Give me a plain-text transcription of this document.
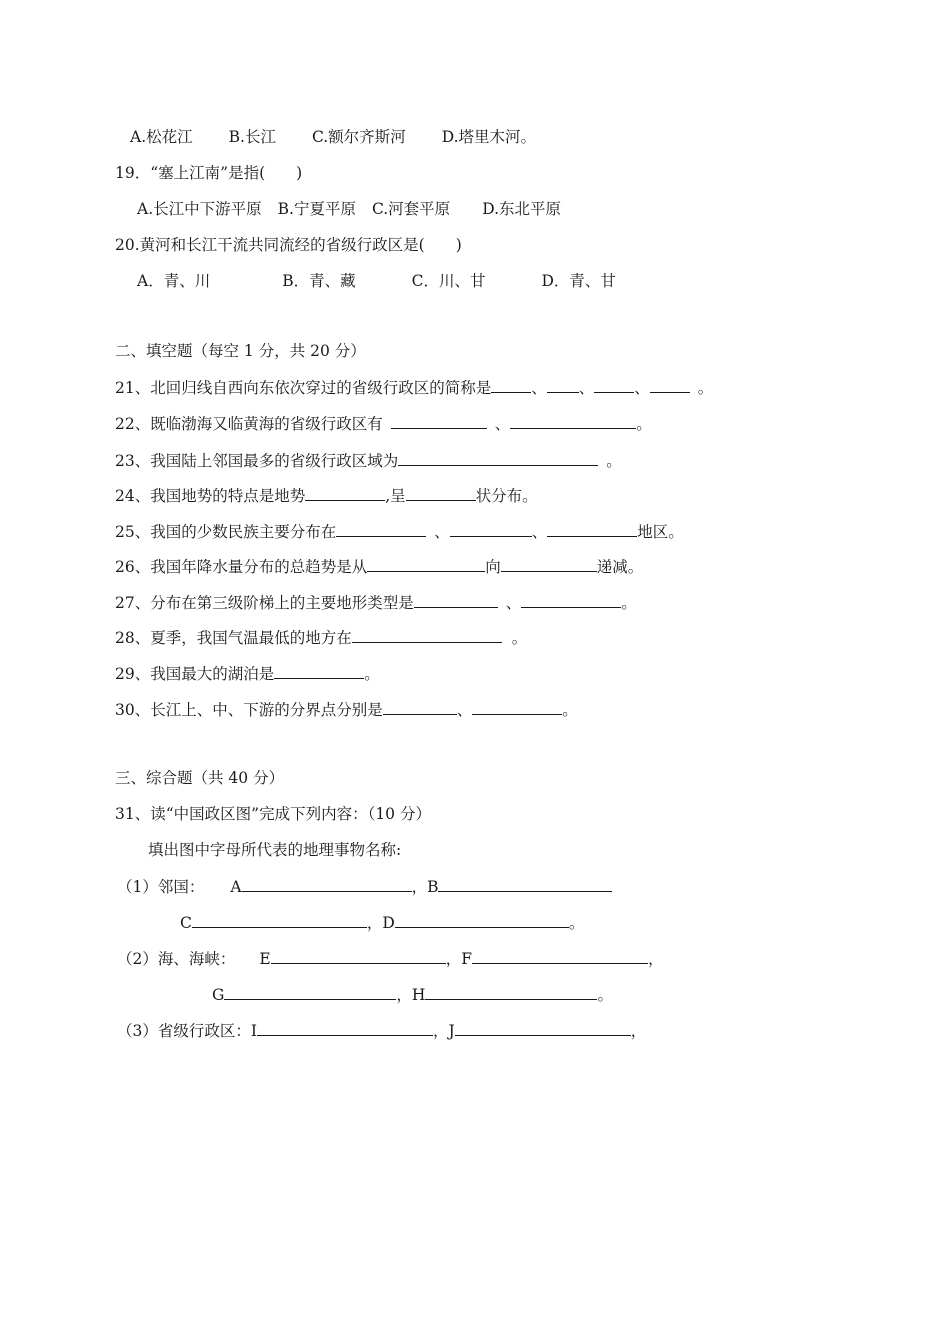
A.松花江 B.长江 C.额尔齐斯河 D.塔里木河。
19．“塞上江南”是指(　　)
A.长江中下游平原 B.宁夏平原 C.河套平原 D.东北平原
20.黄河和长江干流共同流经的省级行政区是(　　)
A．青、川	B．青、藏	C．川、甘	D．青、甘
二、填空题（每空 1 分，共 20 分）
21、北回归线自西向东依次穿过的省级行政区的简称是	、 、	、	。
22、既临渤海又临黄海的省级行政区有	、	。
23、我国陆上邻国最多的省级行政区域为	。
24、我国地势的特点是地势	,呈	状分布。
25、我国的少数民族主要分布在	、	、	地区。
26、我国年降水量分布的总趋势是从	向	递减。
27、分布在第三级阶梯上的主要地形类型是	、	。
28、夏季，我国气温最低的地方在	。
29、我国最大的湖泊是	。
30、长江上、中、下游的分界点分别是	、	。
三、综合题（共 40 分）
31、读“中国政区图”完成下列内容：（10 分）
填出图中字母所代表的地理事物名称:
（1）邻国： A	，B
C	，D	。
（2）海、海峡： E	，F	，
G	，H	。
（3）省级行政区：I	，J	，
